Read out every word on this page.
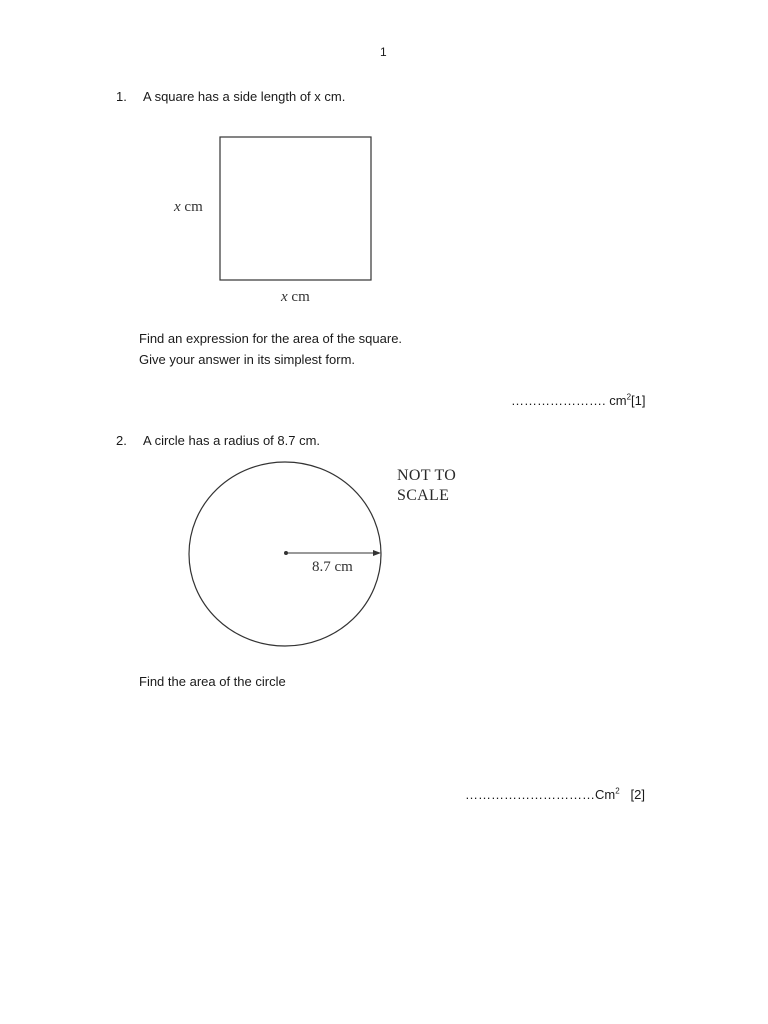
1
1. A square has a side length of x cm.
x cm
x cm
Find an expression for the area of the square.
Give your answer in its simplest form.
…………………. $cm^2[1]$
2. A circle has a radius of 8.7 cm.
8.7 cm
NOT TO
SCALE
Find the area of the circle
…………………………Cm$^2$ [2]
